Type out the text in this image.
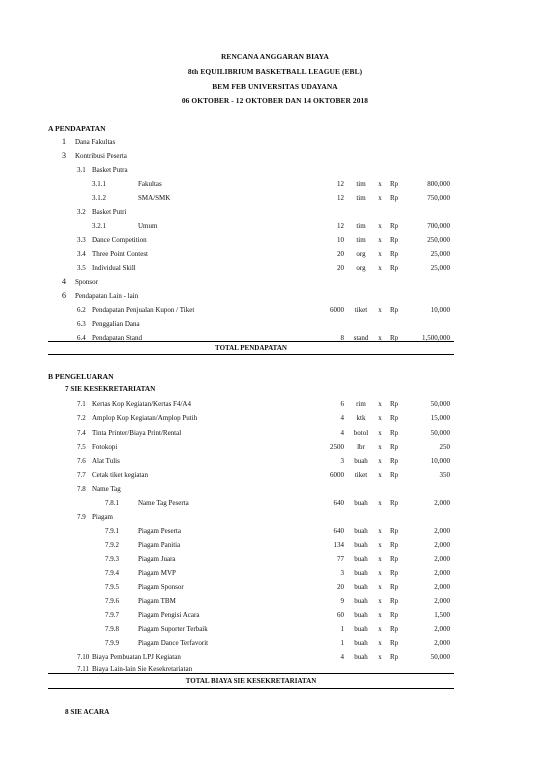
RENCANA ANGGARAN BIAYA
8th EQUILIBRIUM BASKETBALL LEAGUE (EBL)
BEM FEB UNIVERSITAS UDAYANA
06 OKTOBER - 12 OKTOBER DAN 14 OKTOBER 2018
A PENDAPATAN
1 Dana Fakultas
3 Kontribusi Peserta
3.1 Basket Putra
3.1.1	Fakultas	12	tim	x	Rp	800,000
3.1.2	SMA/SMK	12	tim	x	Rp	750,000
3.2 Basket Putri
3.2.1	Umum	12	tim	x	Rp	700,000
3.3 Dance Competition	10	tim	x	Rp	250,000
3.4 Three Point Contest	20	org	x	Rp	25,000
3.5 Individual Skill	20	org	x	Rp	25,000
4 Sponsor
6 Pendapatan Lain - lain
6.2 Pendapatan Penjualan Kupon / Tiket	6000	tiket	x	Rp	10,000
6.3 Penggalian Dana
6.4 Pendapatan Stand	8	stand	x	Rp	1,500,000
TOTAL PENDAPATAN
B PENGELUARAN
7 SIE KESEKRETARIATAN
7.1 Kertas Kop Kegiatan/Kertas F4/A4	6	rim	x	Rp	50,000
7.2 Amplop Kop Kegiatan/Amplop Putih	4	ktk	x	Rp	15,000
7.4 Tinta Printer/Biaya Print/Rental	4	botol	x	Rp	50,000
7.5 Fotokopi	2500	lbr	x	Rp	250
7.6 Alat Tulis	3	buah	x	Rp	10,000
7.7 Cetak tiket kegiatan	6000	tiket	x	Rp	350
7.8 Name Tag
7.8.1	Name Tag Peserta	640	buah	x	Rp	2,000
7.9 Piagam
7.9.1	Piagam Peserta	640	buah	x	Rp	2,000
7.9.2	Piagam Panitia	134	buah	x	Rp	2,000
7.9.3	Piagam Juara	77	buah	x	Rp	2,000
7.9.4	Piagam MVP	3	buah	x	Rp	2,000
7.9.5	Piagam Sponsor	20	buah	x	Rp	2,000
7.9.6	Piagam TBM	9	buah	x	Rp	2,000
7.9.7	Piagam Pengisi Acara	60	buah	x	Rp	1,500
7.9.8	Piagam Suporter Terbaik	1	buah	x	Rp	2,000
7.9.9	Piagam Dance Terfavorit	1	buah	x	Rp	2,000
7.10 Biaya Pembuatan LPJ Kegiatan	4	buah	x	Rp	50,000
7.11 Biaya Lain-lain Sie Kesekretariatan
TOTAL BIAYA SIE KESEKRETARIATAN
8 SIE ACARA
